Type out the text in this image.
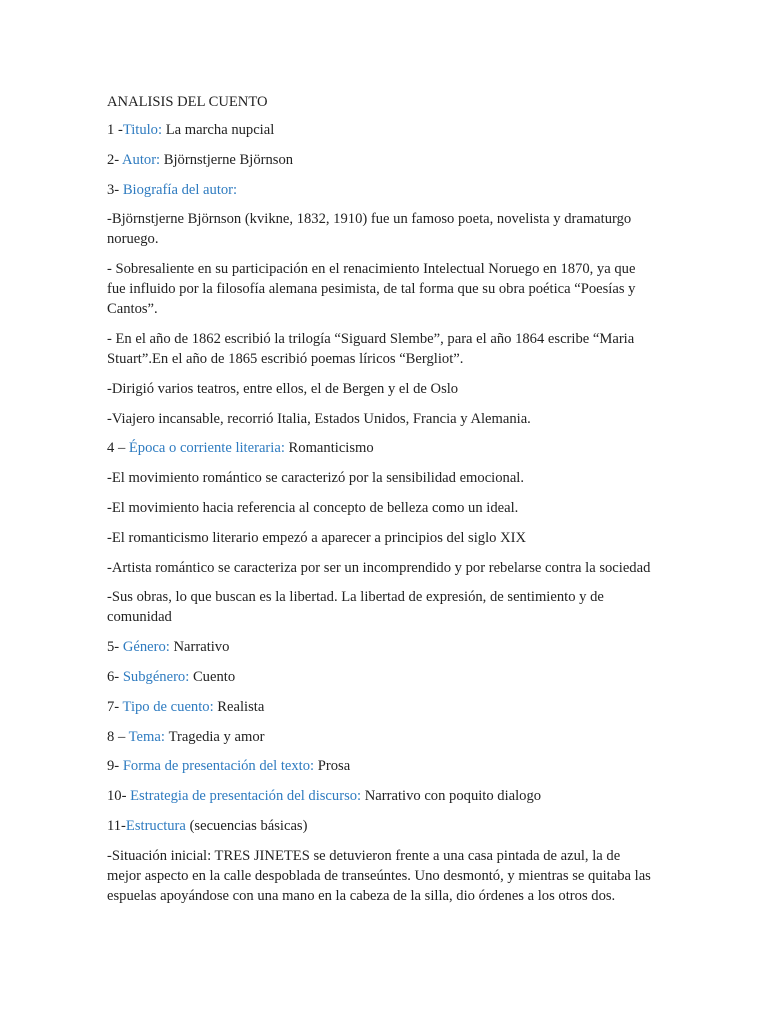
ANALISIS DEL CUENTO

1 -Titulo: La marcha nupcial

2- Autor: Björnstjerne Björnson

3- Biografía del autor:

-Björnstjerne Björnson (kvikne, 1832, 1910) fue un famoso poeta, novelista y dramaturgo noruego.

- Sobresaliente en su participación en el renacimiento Intelectual Noruego en 1870, ya que fue influido por la filosofía alemana pesimista, de tal forma que su obra poética “Poesías y Cantos”.

- En el año de 1862 escribió la trilogía “Siguard Slembe”, para el año 1864 escribe “Maria Stuart”.En el año de 1865 escribió poemas líricos “Bergliot”.

-Dirigió varios teatros, entre ellos, el de Bergen y el de Oslo

-Viajero incansable, recorrió Italia, Estados Unidos, Francia y Alemania.

4 – Época o corriente literaria: Romanticismo

-El movimiento romántico se caracterizó por la sensibilidad emocional.

-El movimiento hacia referencia al concepto de belleza como un ideal.

-El romanticismo literario empezó a aparecer a principios del siglo XIX

-Artista romántico se caracteriza por ser un incomprendido y por rebelarse contra la sociedad

-Sus obras, lo que buscan es la libertad. La libertad de expresión, de sentimiento y de comunidad

5- Género: Narrativo

6- Subgénero: Cuento

7- Tipo de cuento: Realista

8 – Tema: Tragedia y amor

9- Forma de presentación del texto: Prosa

10- Estrategia de presentación del discurso: Narrativo con poquito dialogo

11-Estructura (secuencias básicas)

-Situación inicial: TRES JINETES se detuvieron frente a una casa pintada de azul, la de mejor aspecto en la calle despoblada de transeúntes. Uno desmontó, y mientras se quitaba las espuelas apoyándose con una mano en la cabeza de la silla, dio órdenes a los otros dos.
